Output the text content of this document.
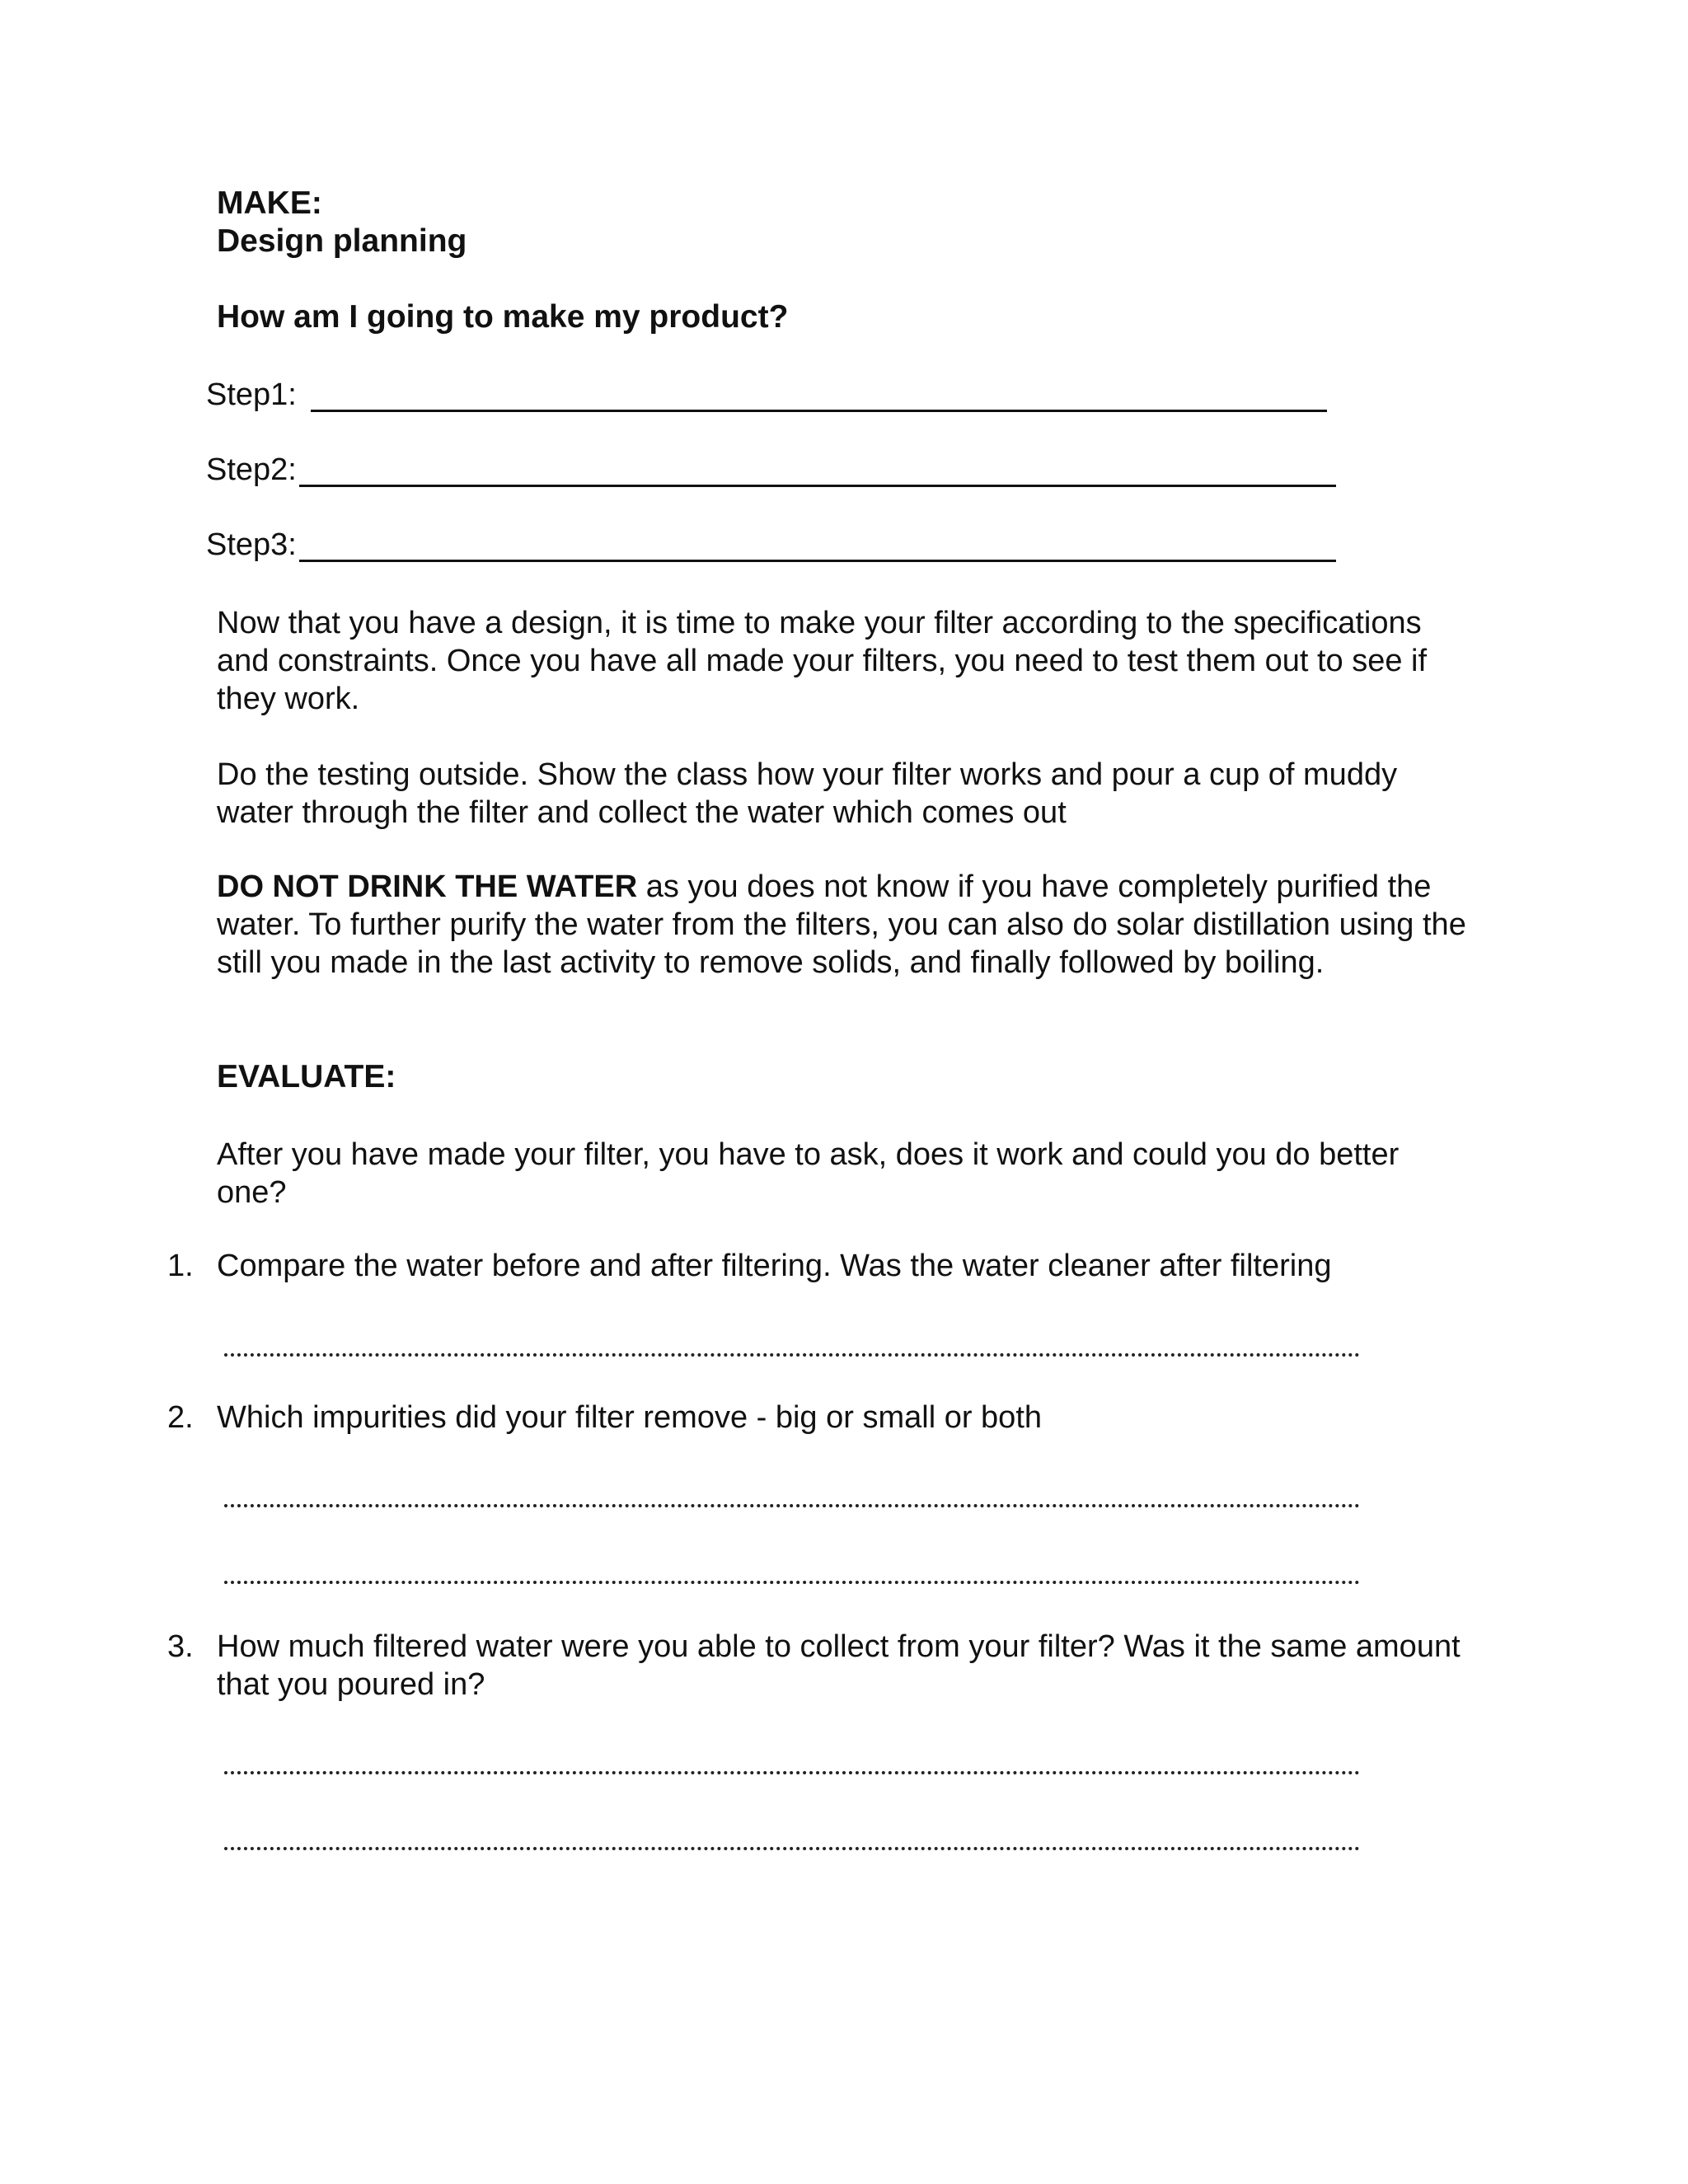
MAKE:
Design planning
How am I going to make my product?
Step1:
Step2:
Step3:
Now that you have a design, it is time to make your filter according to the specifications and constraints. Once you have all made your filters, you need to test them out to see if they work.
Do the testing outside. Show the class how your filter works and pour a cup of muddy water through the filter and collect the water which comes out
DO NOT DRINK THE WATER as you does not know if you have completely purified the water. To further purify the water from the filters, you can also do solar distillation using the still you made in the last activity to remove solids, and finally followed by boiling.
EVALUATE:
After you have made your filter, you have to ask, does it work and could you do better one?
1. Compare the water before and after filtering. Was the water cleaner after filtering
2. Which impurities did your filter remove - big or small or both
3. How much filtered water were you able to collect from your filter? Was it the same amount that you poured in?
